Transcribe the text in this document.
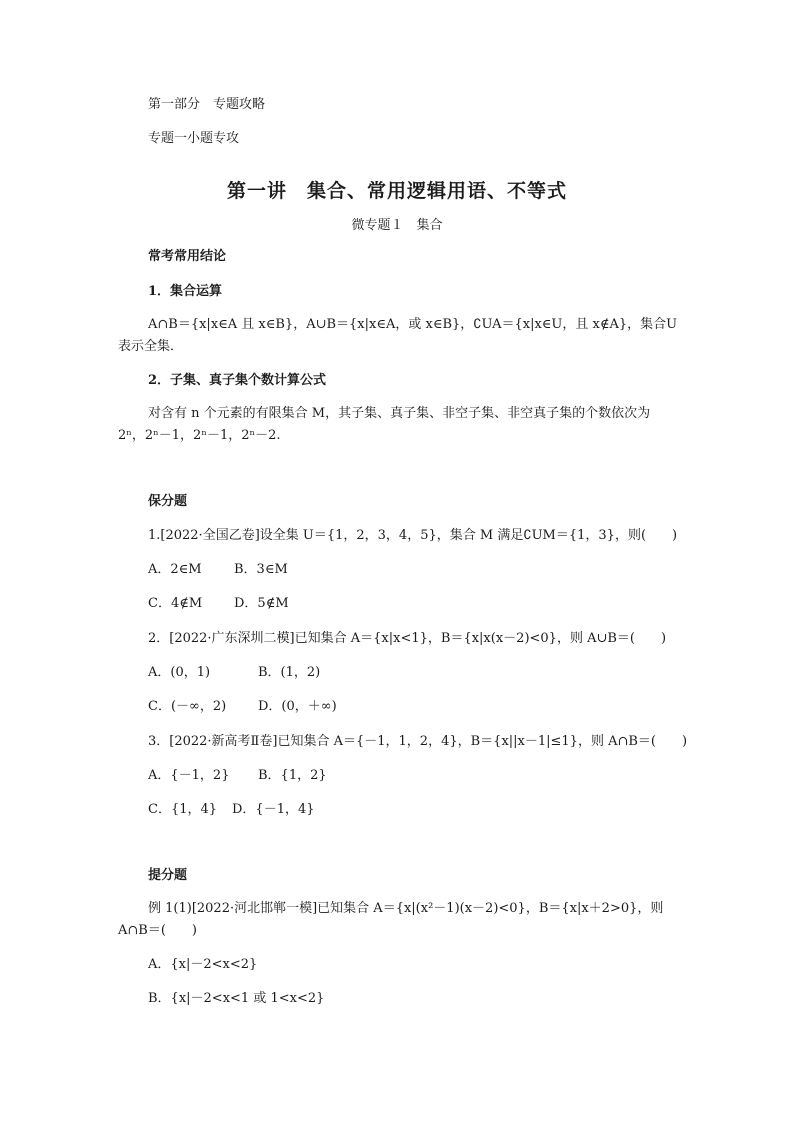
第一部分　专题攻略
专题一小题专攻
第一讲　集合、常用逻辑用语、不等式
微专题１　集合
常考常用结论
1．集合运算
A∩B＝{x|x∈A 且 x∈B}，A∪B＝{x|x∈A，或 x∈B}，∁UA＝{x|x∈U，且 x∉A}，集合U 表示全集．
2．子集、真子集个数计算公式
对含有 n 个元素的有限集合 M，其子集、真子集、非空子集、非空真子集的个数依次为 2ⁿ，2ⁿ－1，2ⁿ－1，2ⁿ－2.
保分题
1.[2022·全国乙卷]设全集 U＝{1，2，3，4，5}，集合 M 满足∁UM＝{1，3}，则(　　)
A．2∈M B．3∈M
C．4∉M D．5∉M
2．[2022·广东深圳二模]已知集合 A＝{x|x<1}，B＝{x|x(x－2)<0}，则 A∪B＝(　　)
A．(0，1)	B．(1，2)
C．(－∞，2) D．(0，＋∞)
3．[2022·新高考Ⅱ卷]已知集合 A＝{－1，1，2，4}，B＝{x||x－1|≤1}，则 A∩B＝(　　)
A．{－1，2} B．{1，2}
C．{1，4} D．{－1，4}
提分题
例 1(1)[2022·河北邯郸一模]已知集合 A＝{x|(x²－1)(x－2)<0}，B＝{x|x＋2>0}，则 A∩B＝(　　)
A．{x|－2<x<2}
B．{x|－2<x<1 或 1<x<2}
